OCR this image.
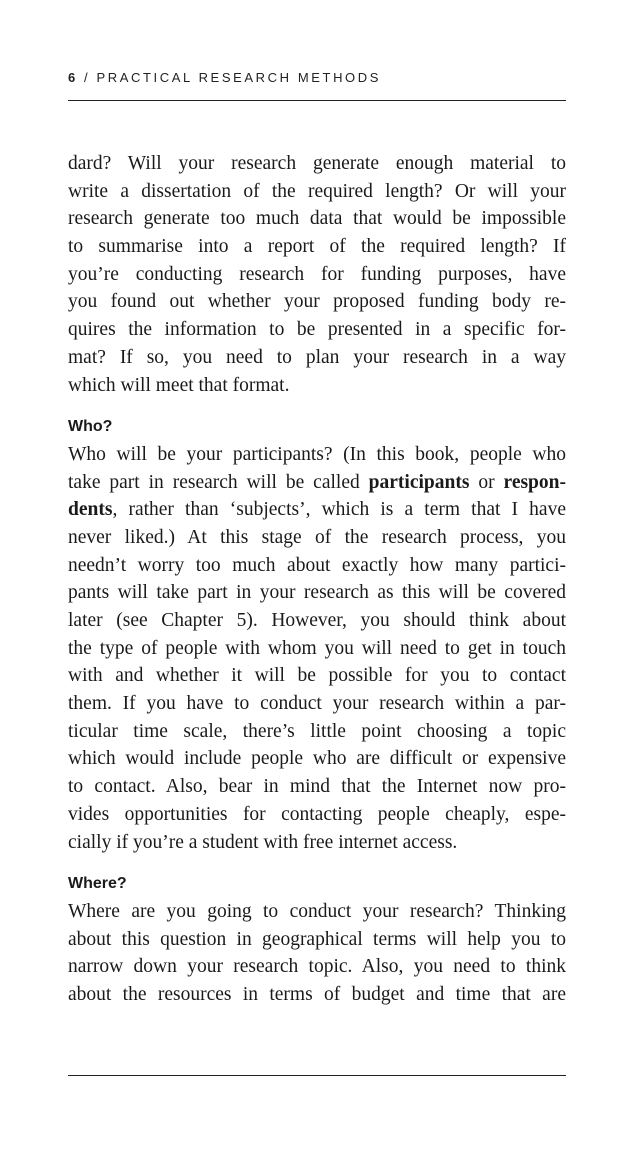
6 / PRACTICAL RESEARCH METHODS
dard? Will your research generate enough material to
write a dissertation of the required length? Or will your
research generate too much data that would be impossible
to summarise into a report of the required length? If
you’re conducting research for funding purposes, have
you found out whether your proposed funding body re-
quires the information to be presented in a specific for-
mat? If so, you need to plan your research in a way
which will meet that format.
Who?
Who will be your participants? (In this book, people who
take part in research will be called participants or respon-
dents, rather than ‘subjects’, which is a term that I have
never liked.) At this stage of the research process, you
needn’t worry too much about exactly how many partici-
pants will take part in your research as this will be covered
later (see Chapter 5). However, you should think about
the type of people with whom you will need to get in touch
with and whether it will be possible for you to contact
them. If you have to conduct your research within a par-
ticular time scale, there’s little point choosing a topic
which would include people who are difficult or expensive
to contact. Also, bear in mind that the Internet now pro-
vides opportunities for contacting people cheaply, espe-
cially if you’re a student with free internet access.
Where?
Where are you going to conduct your research? Thinking
about this question in geographical terms will help you to
narrow down your research topic. Also, you need to think
about the resources in terms of budget and time that are
